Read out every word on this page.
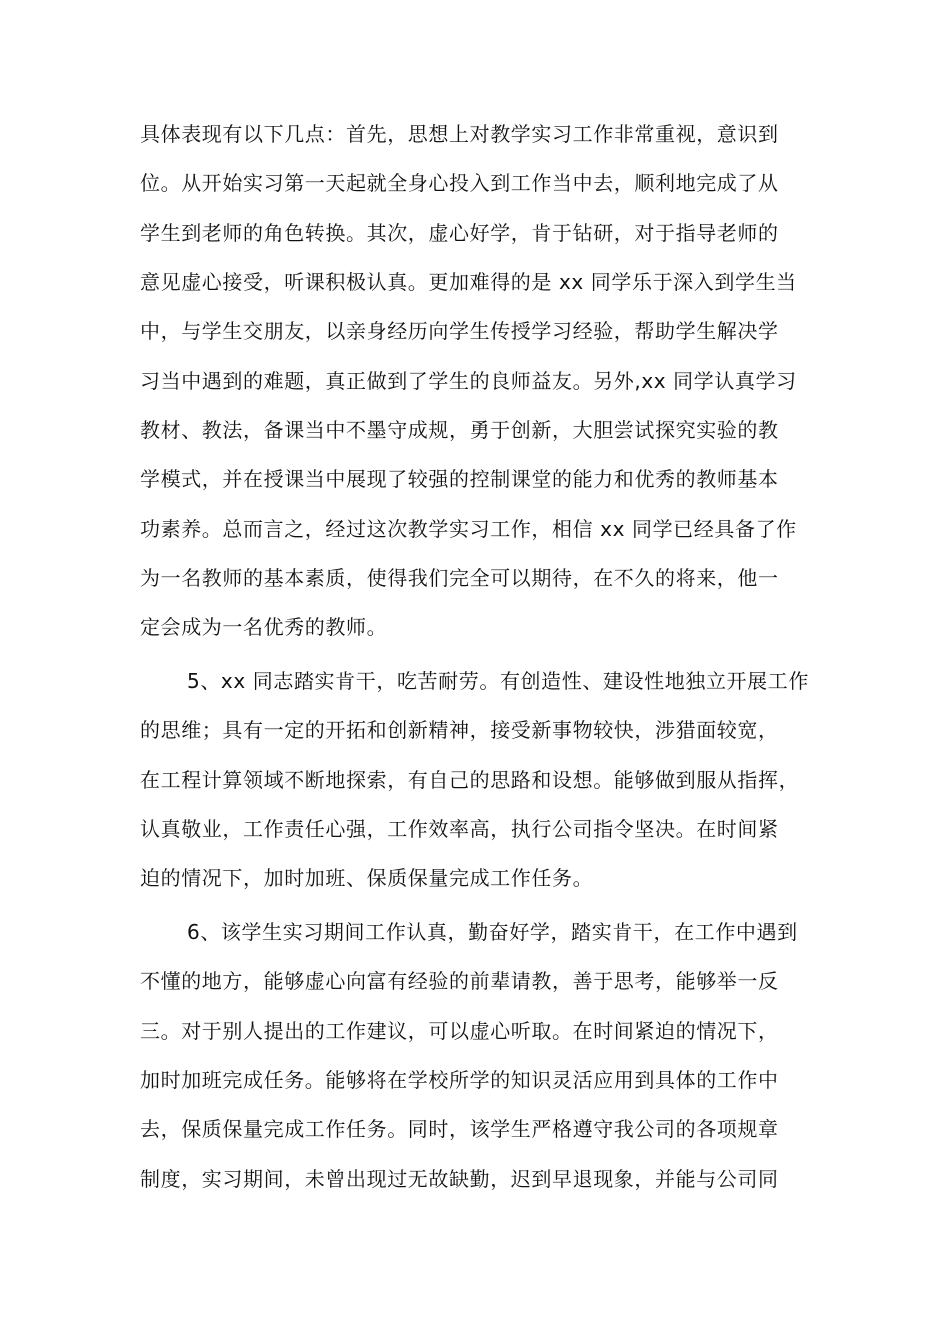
具体表现有以下几点：首先，思想上对教学实习工作非常重视，意识到
位。从开始实习第一天起就全身心投入到工作当中去，顺利地完成了从
学生到老师的角色转换。其次，虚心好学，肯于钻研，对于指导老师的
意见虚心接受，听课积极认真。更加难得的是 xx 同学乐于深入到学生当
中，与学生交朋友，以亲身经历向学生传授学习经验，帮助学生解决学
习当中遇到的难题，真正做到了学生的良师益友。另外,xx 同学认真学习
教材、教法，备课当中不墨守成规，勇于创新，大胆尝试探究实验的教
学模式，并在授课当中展现了较强的控制课堂的能力和优秀的教师基本
功素养。总而言之，经过这次教学实习工作，相信 xx 同学已经具备了作
为一名教师的基本素质，使得我们完全可以期待，在不久的将来，他一
定会成为一名优秀的教师。
5、xx 同志踏实肯干，吃苦耐劳。有创造性、建设性地独立开展工作
的思维；具有一定的开拓和创新精神，接受新事物较快，涉猎面较宽，
在工程计算领域不断地探索，有自己的思路和设想。能够做到服从指挥，
认真敬业，工作责任心强，工作效率高，执行公司指令坚决。在时间紧
迫的情况下，加时加班、保质保量完成工作任务。
6、该学生实习期间工作认真，勤奋好学，踏实肯干，在工作中遇到
不懂的地方，能够虚心向富有经验的前辈请教，善于思考，能够举一反
三。对于别人提出的工作建议，可以虚心听取。在时间紧迫的情况下，
加时加班完成任务。能够将在学校所学的知识灵活应用到具体的工作中
去，保质保量完成工作任务。同时，该学生严格遵守我公司的各项规章
制度，实习期间，未曾出现过无故缺勤，迟到早退现象，并能与公司同
